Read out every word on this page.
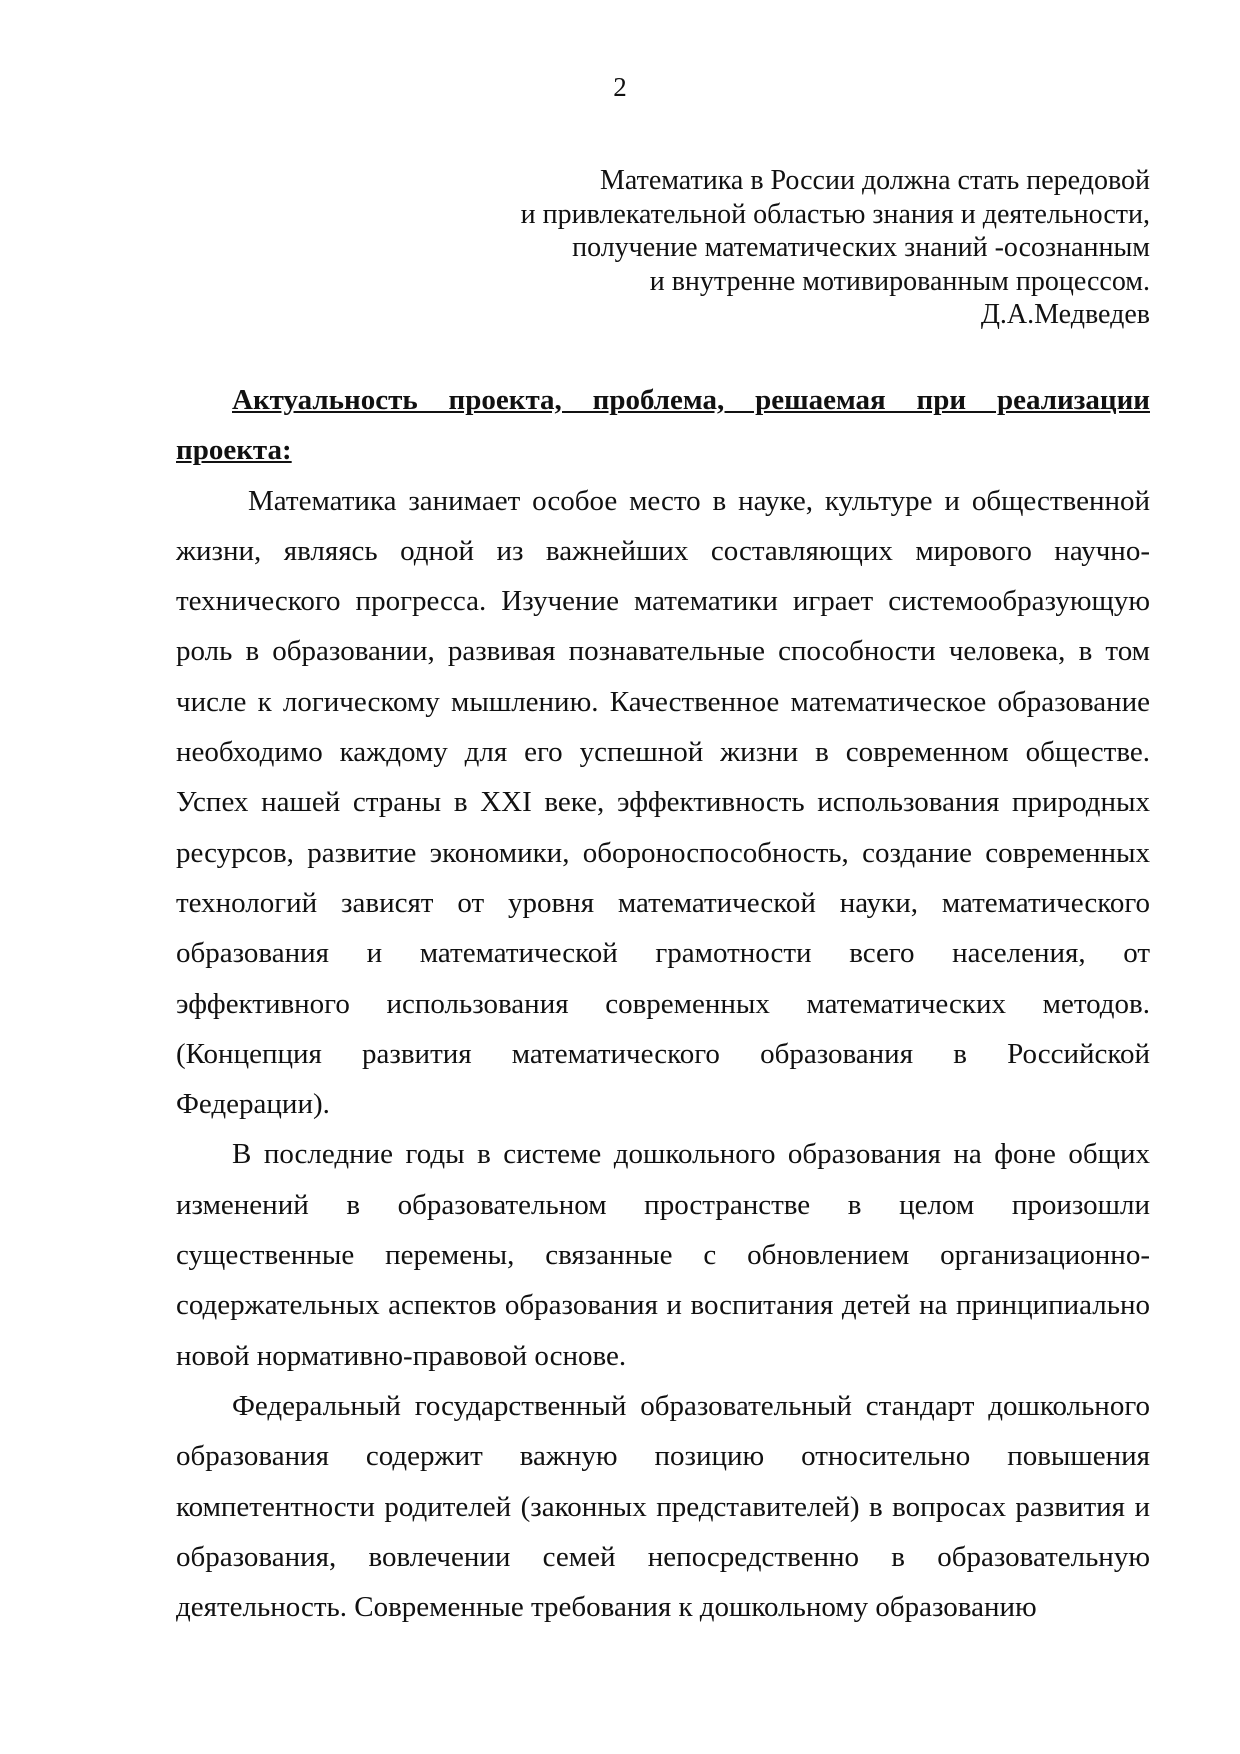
2
Математика в России должна стать передовой
и привлекательной областью знания и деятельности,
получение математических знаний -осознанным
и внутренне мотивированным процессом.
Д.А.Медведев
Актуальность проекта, проблема, решаемая при реализации
проекта:
Математика занимает особое место в науке, культуре и общественной
жизни, являясь одной из важнейших составляющих мирового научно-
технического прогресса. Изучение математики играет системообразующую
роль в образовании, развивая познавательные способности человека, в том
числе к логическому мышлению. Качественное математическое образование
необходимо каждому для его успешной жизни в современном обществе.
Успех нашей страны в XXI веке, эффективность использования природных
ресурсов, развитие экономики, обороноспособность, создание современных
технологий зависят от уровня математической науки, математического
образования и математической грамотности всего населения, от
эффективного использования современных математических методов.
(Концепция развития математического образования в Российской
Федерации).
В последние годы в системе дошкольного образования на фоне общих
изменений в образовательном пространстве в целом произошли
существенные перемены, связанные с обновлением организационно-
содержательных аспектов образования и воспитания детей на принципиально
новой нормативно-правовой основе.
Федеральный государственный образовательный стандарт дошкольного
образования содержит важную позицию относительно повышения
компетентности родителей (законных представителей) в вопросах развития и
образования, вовлечении семей непосредственно в образовательную
деятельность. Современные требования к дошкольному образованию
